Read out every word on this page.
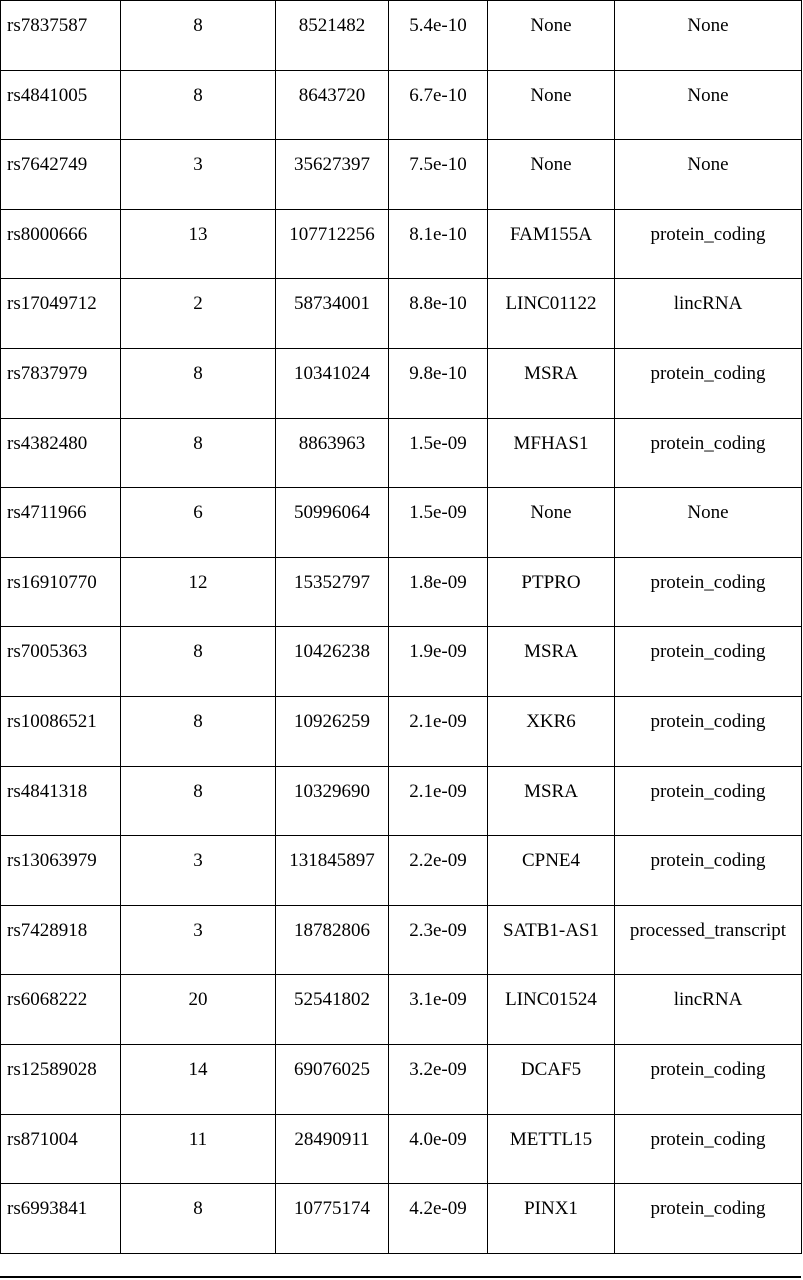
rs7837587	8	8521482	5.4e-10	None	None
rs4841005	8	8643720	6.7e-10	None	None
rs7642749	3	35627397	7.5e-10	None	None
rs8000666	13	107712256	8.1e-10	FAM155A	protein_coding
rs17049712	2	58734001	8.8e-10	LINC01122	lincRNA
rs7837979	8	10341024	9.8e-10	MSRA	protein_coding
rs4382480	8	8863963	1.5e-09	MFHAS1	protein_coding
rs4711966	6	50996064	1.5e-09	None	None
rs16910770	12	15352797	1.8e-09	PTPRO	protein_coding
rs7005363	8	10426238	1.9e-09	MSRA	protein_coding
rs10086521	8	10926259	2.1e-09	XKR6	protein_coding
rs4841318	8	10329690	2.1e-09	MSRA	protein_coding
rs13063979	3	131845897	2.2e-09	CPNE4	protein_coding
rs7428918	3	18782806	2.3e-09	SATB1-AS1	processed_transcript
rs6068222	20	52541802	3.1e-09	LINC01524	lincRNA
rs12589028	14	69076025	3.2e-09	DCAF5	protein_coding
rs871004	11	28490911	4.0e-09	METTL15	protein_coding
rs6993841	8	10775174	4.2e-09	PINX1	protein_coding
